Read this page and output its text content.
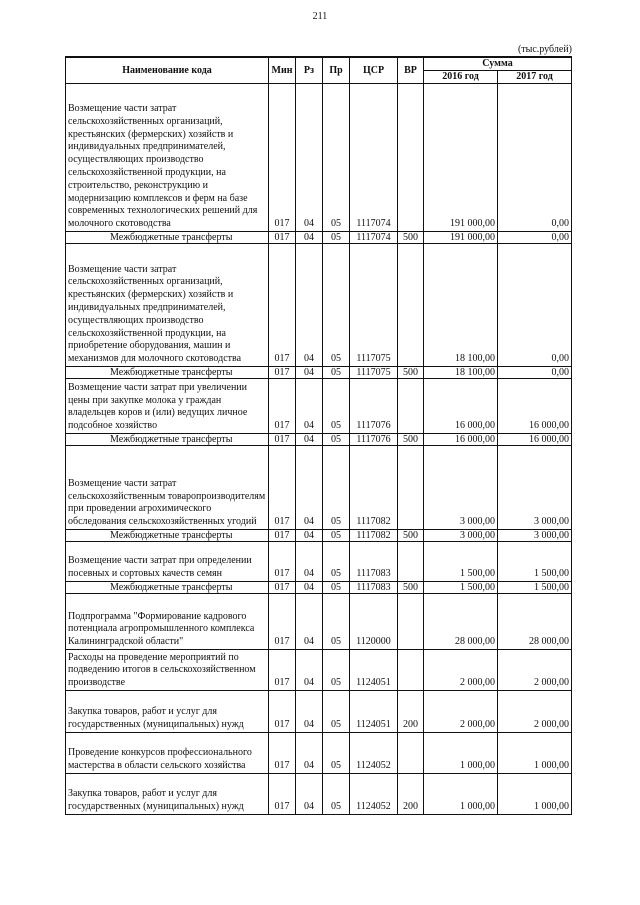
211
(тыс.рублей)
Наименование кода	Мин	Рз	Пр	ЦСР	ВР	Сумма	
						2016 год	2017 год
Возмещение части затрат сельскохозяйственных организаций, крестьянских (фермерских) хозяйств и индивидуальных предпринимателей, осуществляющих производство сельскохозяйственной продукции, на строительство, реконструкцию и модернизацию комплексов и ферм на базе современных технологических решений для молочного скотоводства	017	04	05	1117074		191 000,00	0,00
Межбюджетные трансферты	017	04	05	1117074	500	191 000,00	0,00
Возмещение части затрат сельскохозяйственных организаций, крестьянских (фермерских) хозяйств и индивидуальных предпринимателей, осуществляющих производство сельскохозяйственной продукции, на приобретение оборудования, машин и механизмов для молочного скотоводства	017	04	05	1117075		18 100,00	0,00
Межбюджетные трансферты	017	04	05	1117075	500	18 100,00	0,00
Возмещение части затрат при увеличении цены при закупке молока у граждан владельцев коров и (или) ведущих личное подсобное хозяйство	017	04	05	1117076		16 000,00	16 000,00
Межбюджетные трансферты	017	04	05	1117076	500	16 000,00	16 000,00
Возмещение части затрат сельскохозяйственным товаропроизводителям при проведении агрохимического обследования сельскохозяйственных угодий	017	04	05	1117082		3 000,00	3 000,00
Межбюджетные трансферты	017	04	05	1117082	500	3 000,00	3 000,00
Возмещение части затрат при определении посевных и сортовых качеств семян	017	04	05	1117083		1 500,00	1 500,00
Межбюджетные трансферты	017	04	05	1117083	500	1 500,00	1 500,00
Подпрограмма "Формирование кадрового потенциала агропромышленного комплекса Калининградской области"	017	04	05	1120000		28 000,00	28 000,00
Расходы на проведение мероприятий по подведению итогов в сельскохозяйственном производстве	017	04	05	1124051		2 000,00	2 000,00
Закупка товаров, работ и услуг для государственных (муниципальных) нужд	017	04	05	1124051	200	2 000,00	2 000,00
Проведение конкурсов профессионального мастерства в области сельского хозяйства	017	04	05	1124052		1 000,00	1 000,00
Закупка товаров, работ и услуг для государственных (муниципальных) нужд	017	04	05	1124052	200	1 000,00	1 000,00
